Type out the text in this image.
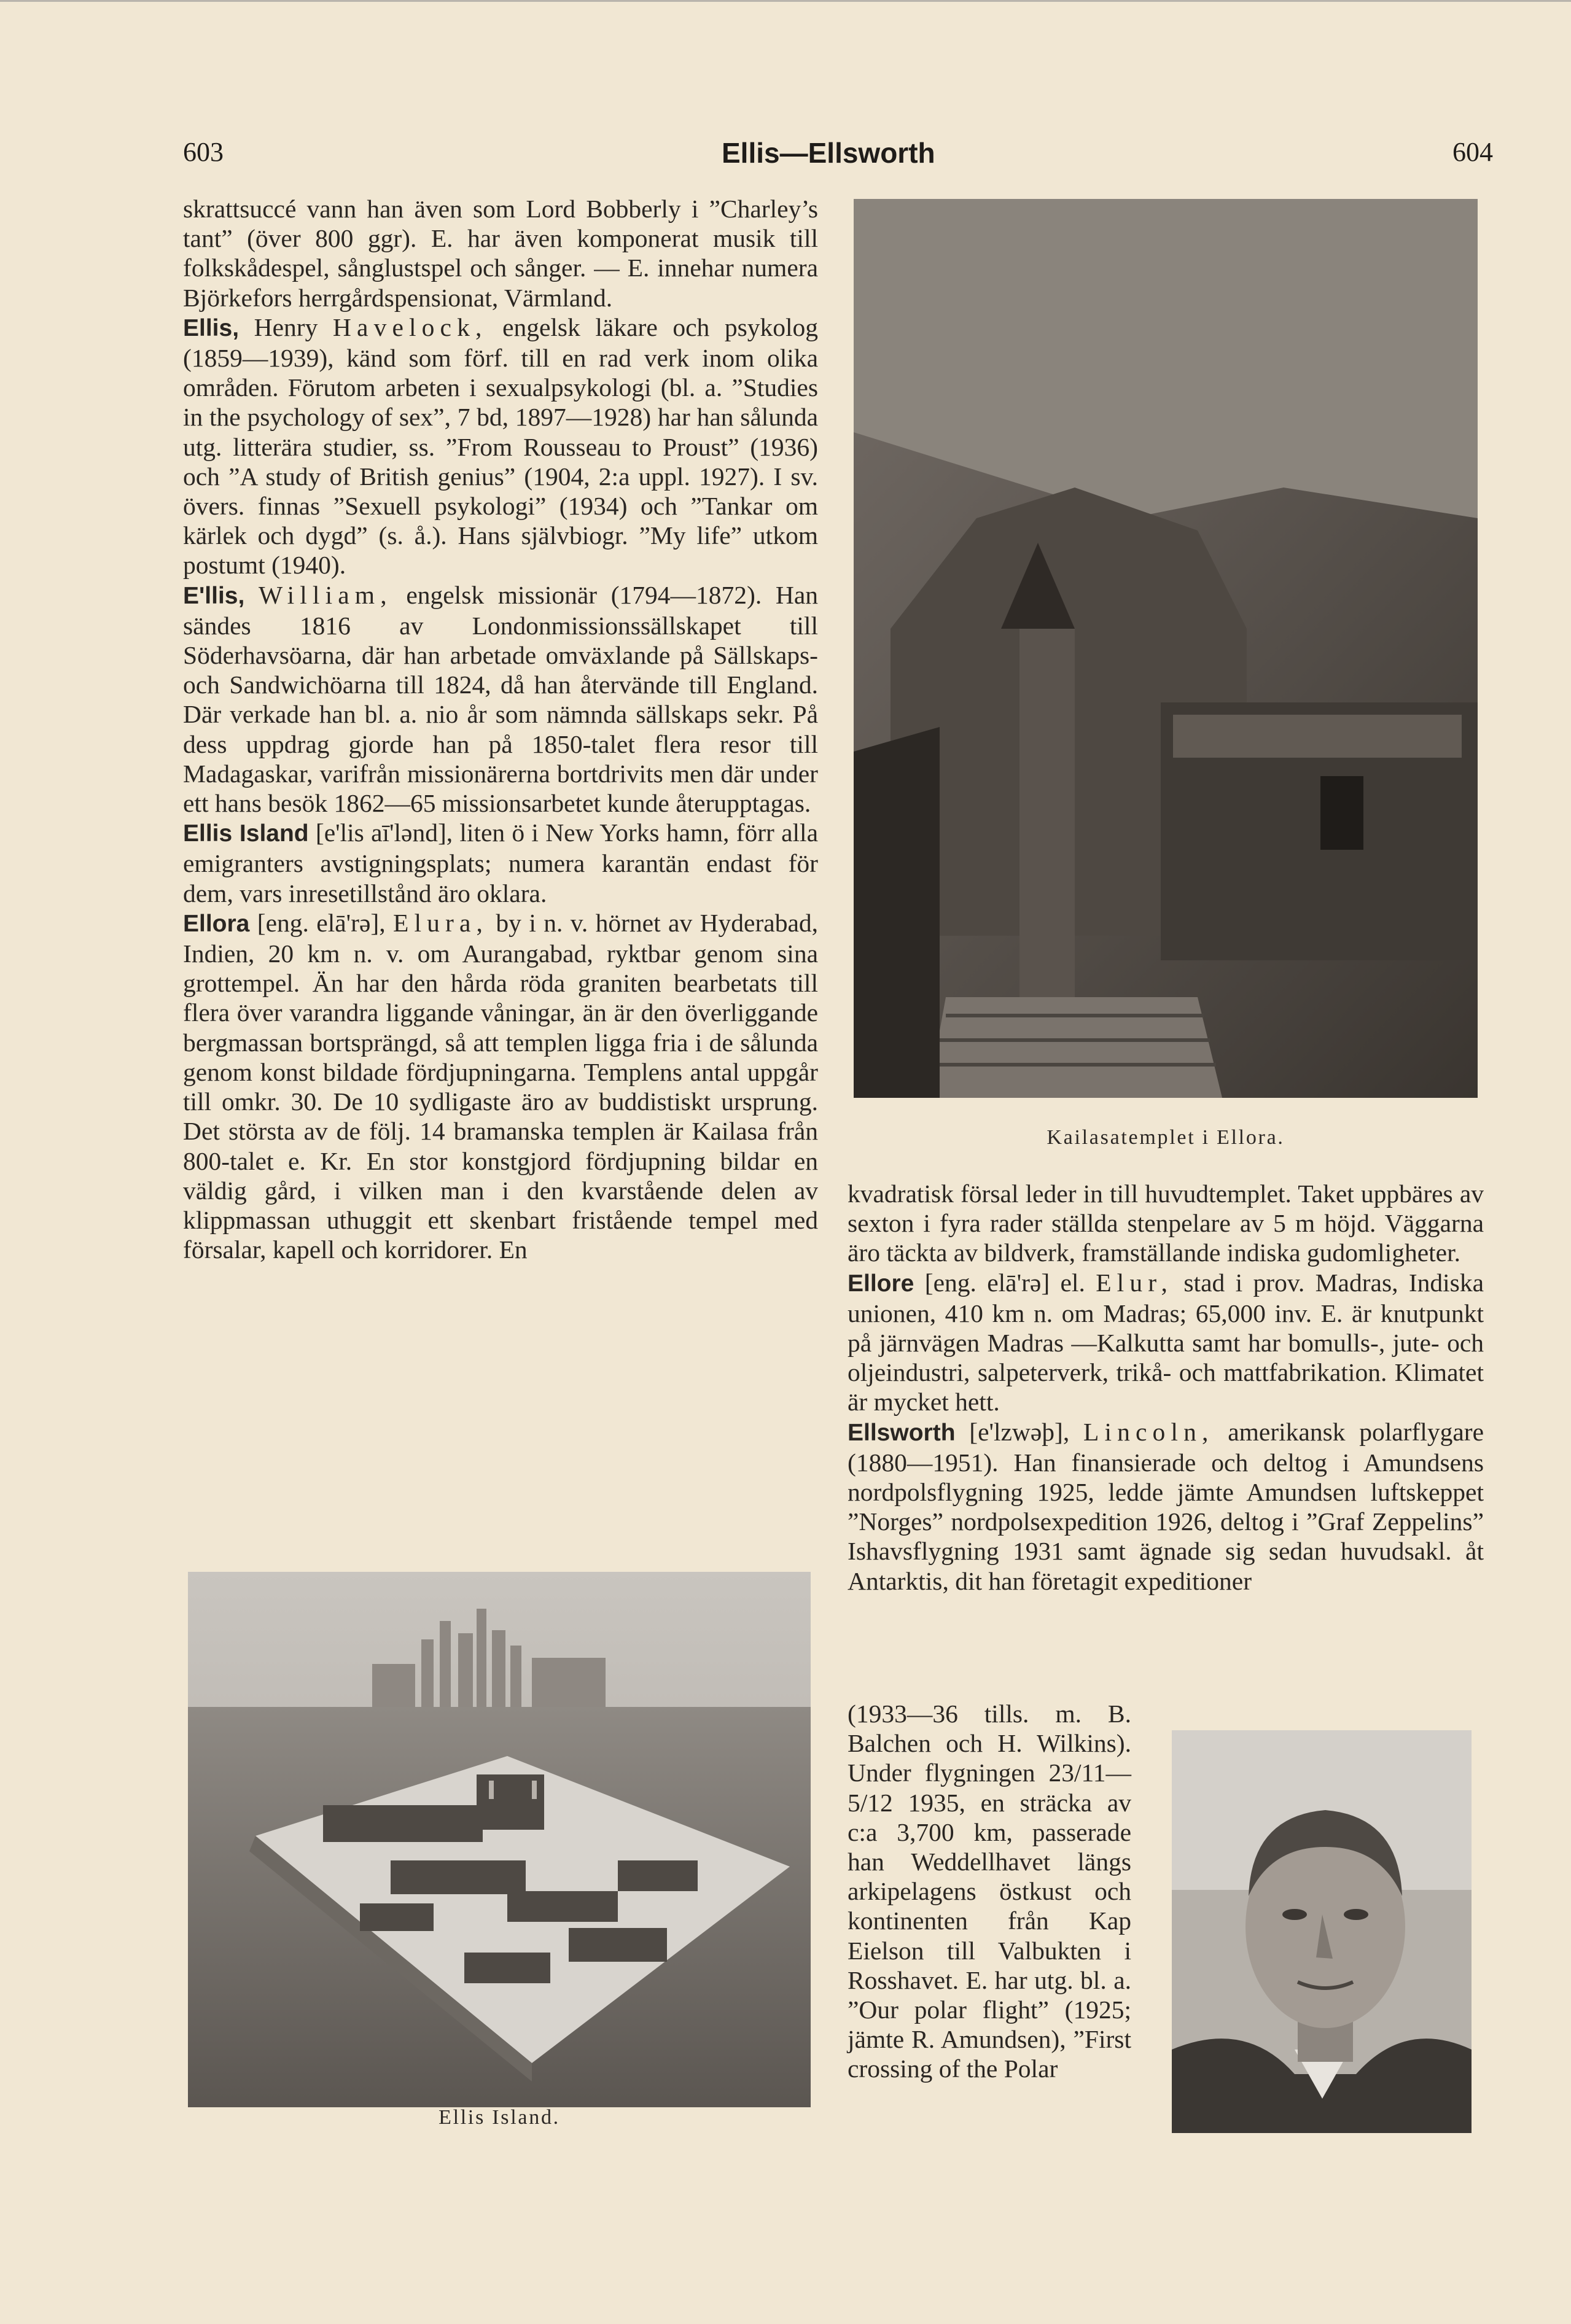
603	Ellis—Ellsworth	604

skrattsuccé vann han även som Lord Bobberly i ”Charley’s tant” (över 800 ggr). E. har även komponerat musik till folkskådespel, sånglustspel och sånger. — E. innehar numera Björkefors herrgårdspensionat, Värmland.

Ellis, Henry Havelock, engelsk läkare och psykolog (1859—1939), känd som förf. till en rad verk inom olika områden. Förutom arbeten i sexualpsykologi (bl. a. ”Studies in the psychology of sex”, 7 bd, 1897—1928) har han sålunda utg. litterära studier, ss. ”From Rousseau to Proust” (1936) och ”A study of British genius” (1904, 2:a uppl. 1927). I sv. övers. finnas ”Sexuell psykologi” (1934) och ”Tankar om kärlek och dygd” (s. å.). Hans självbiogr. ”My life” utkom postumt (1940).

E'llis, William, engelsk missionär (1794—1872). Han sändes 1816 av Londonmissionssällskapet till Söderhavsöarna, där han arbetade omväxlande på Sällskaps- och Sandwichöarna till 1824, då han återvände till England. Där verkade han bl. a. nio år som nämnda sällskaps sekr. På dess uppdrag gjorde han på 1850-talet flera resor till Madagaskar, varifrån missionärerna bortdrivits men där under ett hans besök 1862—65 missionsarbetet kunde återupptagas.

Ellis Island [e'lis aī'lənd], liten ö i New Yorks hamn, förr alla emigranters avstigningsplats; numera karantän endast för dem, vars inresetillstånd äro oklara.

Ellora [eng. elā'rə], Elura, by i n. v. hörnet av Hyderabad, Indien, 20 km n. v. om Aurangabad, ryktbar genom sina grottempel. Än har den hårda röda graniten bearbetats till flera över varandra liggande våningar, än är den överliggande bergmassan bortsprängd, så att templen ligga fria i de sålunda genom konst bildade fördjupningarna. Templens antal uppgår till omkr. 30. De 10 sydligaste äro av buddistiskt ursprung. Det största av de följ. 14 bramanska templen är Kailasa från 800-talet e. Kr. En stor konstgjord fördjupning bildar en väldig gård, i vilken man i den kvarstående delen av klippmassan uthuggit ett skenbart fristående tempel med försalar, kapell och korridorer. En

Kailasatemplet i Ellora.

kvadratisk försal leder in till huvudtemplet. Taket uppbäres av sexton i fyra rader ställda stenpelare av 5 m höjd. Väggarna äro täckta av bildverk, framställande indiska gudomligheter.

Ellore [eng. elā'rə] el. Elur, stad i prov. Madras, Indiska unionen, 410 km n. om Madras; 65,000 inv. E. är knutpunkt på järnvägen Madras —Kalkutta samt har bomulls-, jute- och oljeindustri, salpeterverk, trikå- och mattfabrikation. Klimatet är mycket hett.

Ellsworth [e'lzwəþ], Lincoln, amerikansk polarflygare (1880—1951). Han finansierade och deltog i Amundsens nordpolsflygning 1925, ledde jämte Amundsen luftskeppet ”Norges” nordpolsexpedition 1926, deltog i ”Graf Zeppelins” Ishavsflygning 1931 samt ägnade sig sedan huvudsakl. åt Antarktis, dit han företagit expeditioner

(1933—36 tills. m. B. Balchen och H. Wilkins). Under flygningen 23/11—5/12 1935, en sträcka av c:a 3,700 km, passerade han Weddellhavet längs arkipelagens östkust och kontinenten från Kap Eielson till Valbukten i Rosshavet. E. har utg. bl. a. ”Our polar flight” (1925; jämte R. Amundsen), ”First crossing of the Polar
Ellis Island.
